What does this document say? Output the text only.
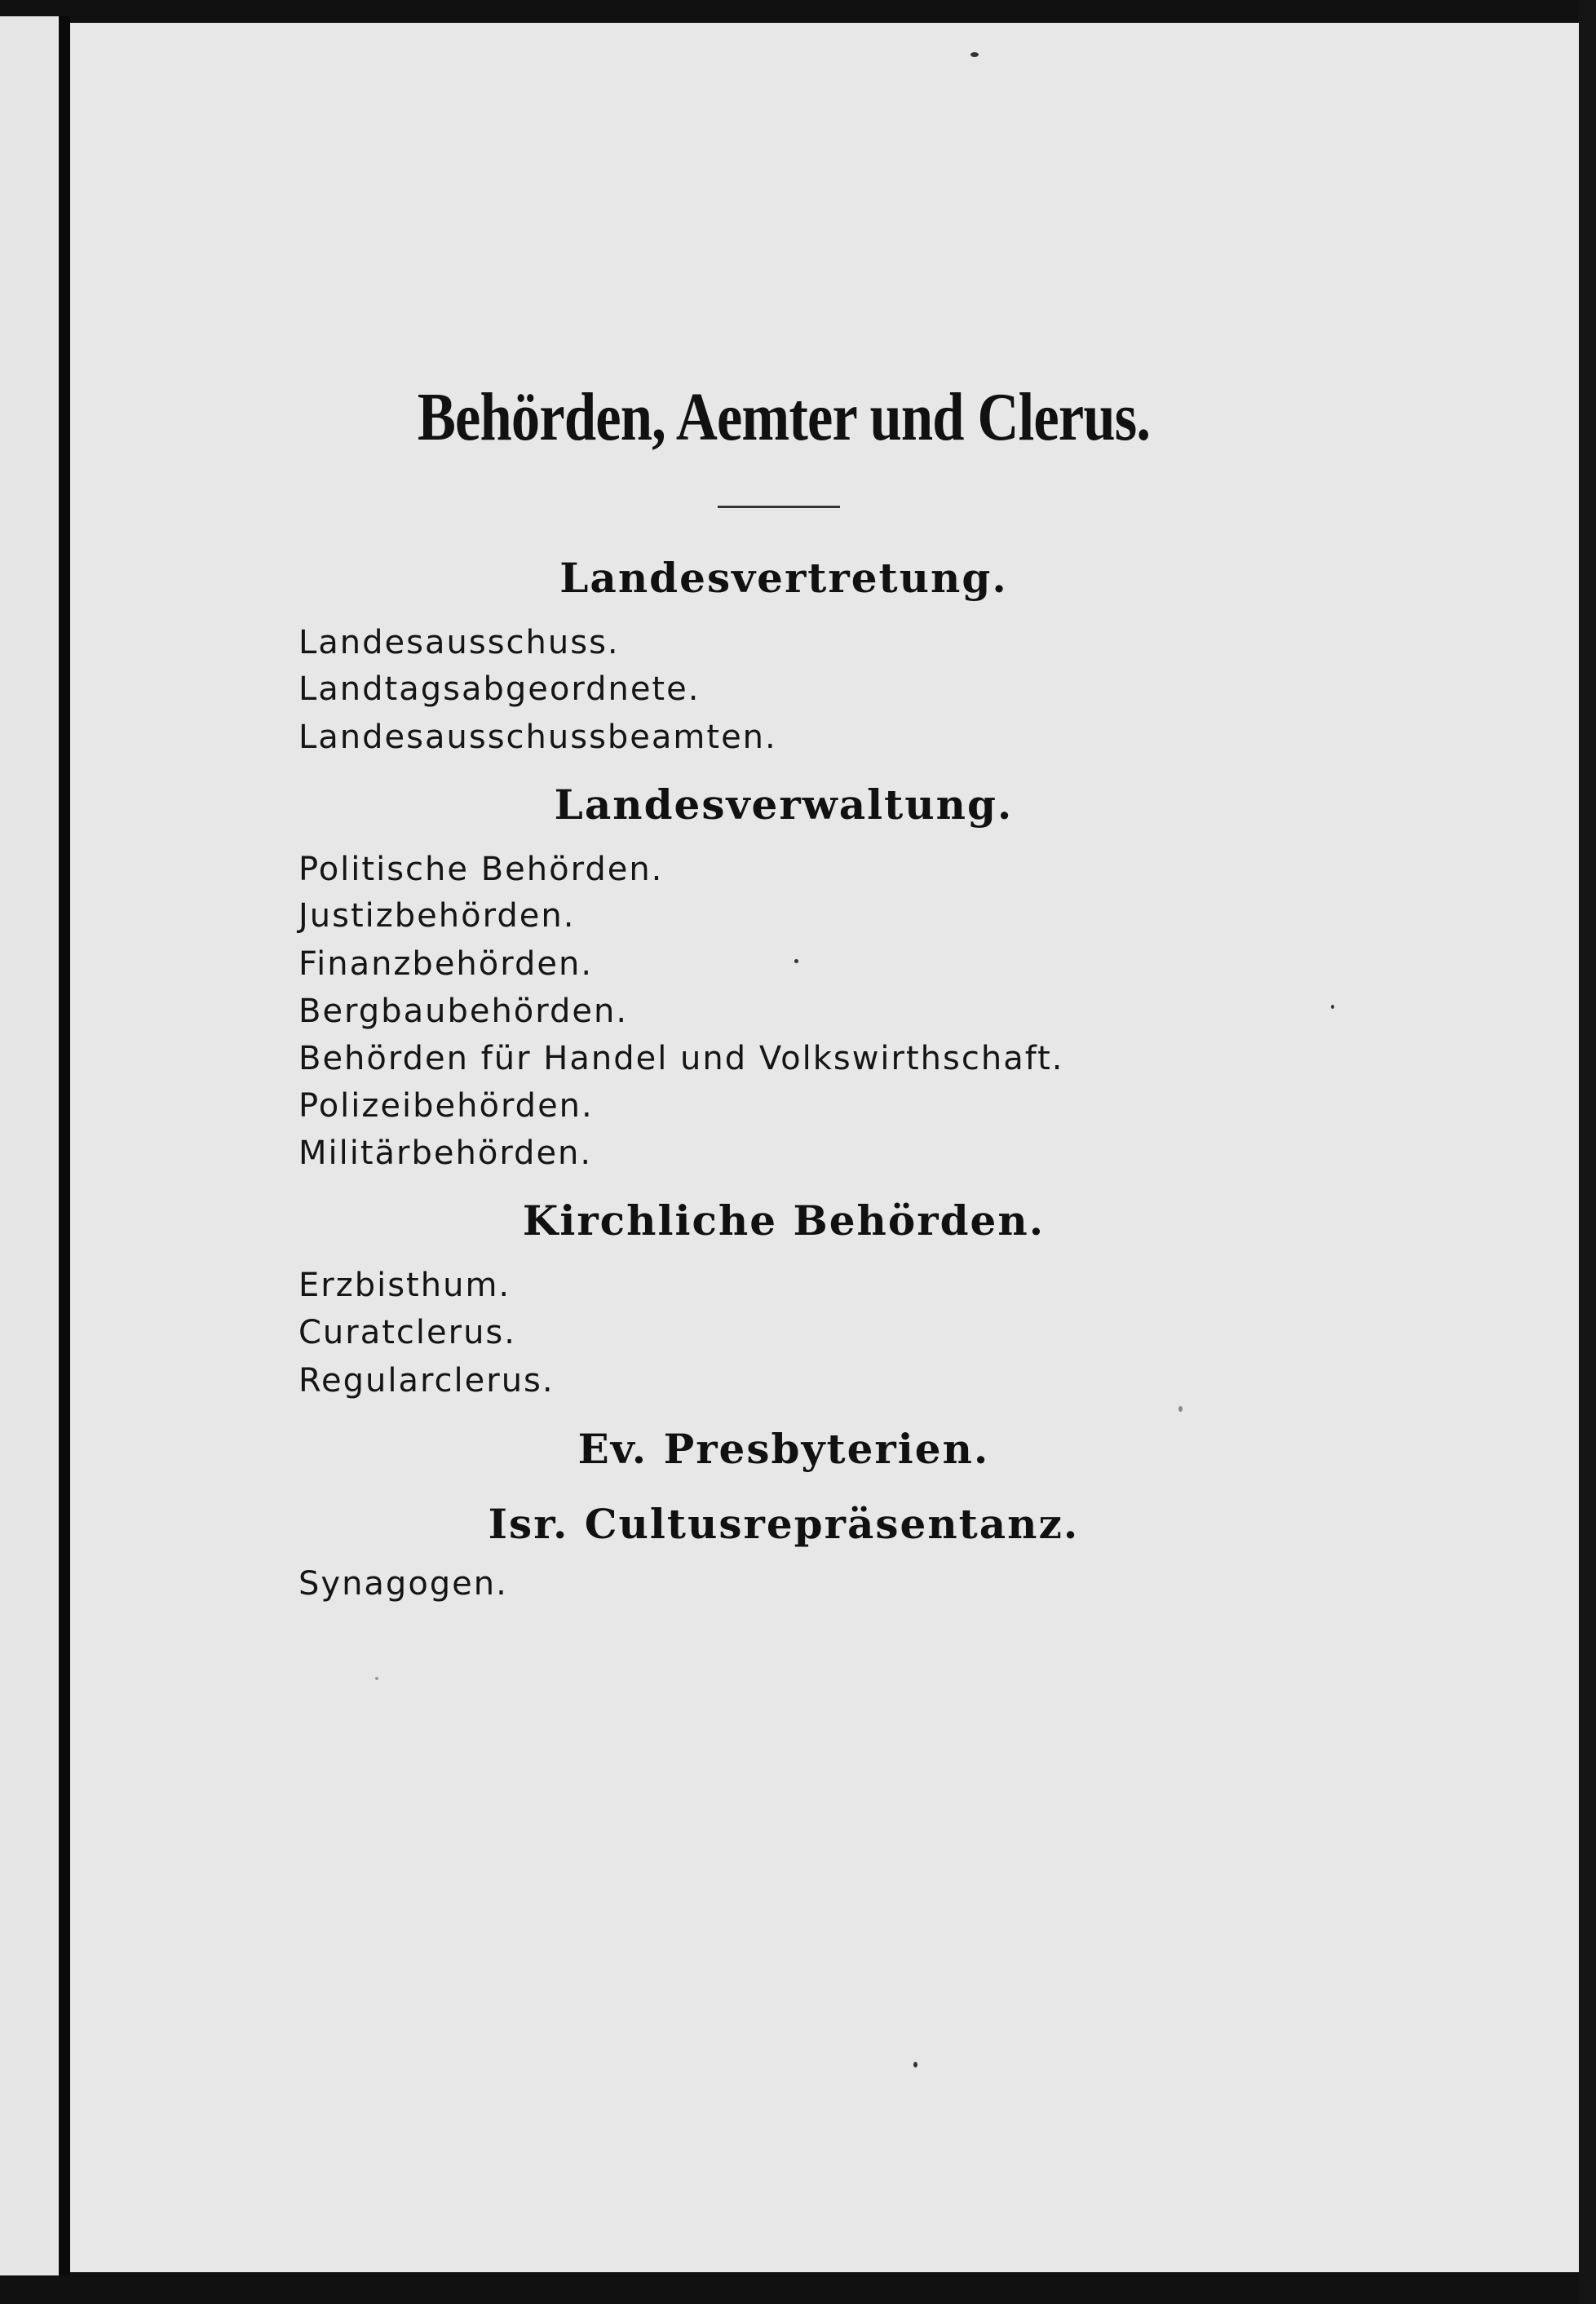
Behörden, Aemter und Clerus.
Landesvertretung.
Landesausschuss.
Landtagsabgeordnete.
Landesausschussbeamten.
Landesverwaltung.
Politische Behörden.
Justizbehörden.
Finanzbehörden.
Bergbaubehörden.
Behörden für Handel und Volkswirthschaft.
Polizeibehörden.
Militärbehörden.
Kirchliche Behörden.
Erzbisthum.
Curatclerus.
Regularclerus.
Ev. Presbyterien.
Isr. Cultusrepräsentanz.
Synagogen.
